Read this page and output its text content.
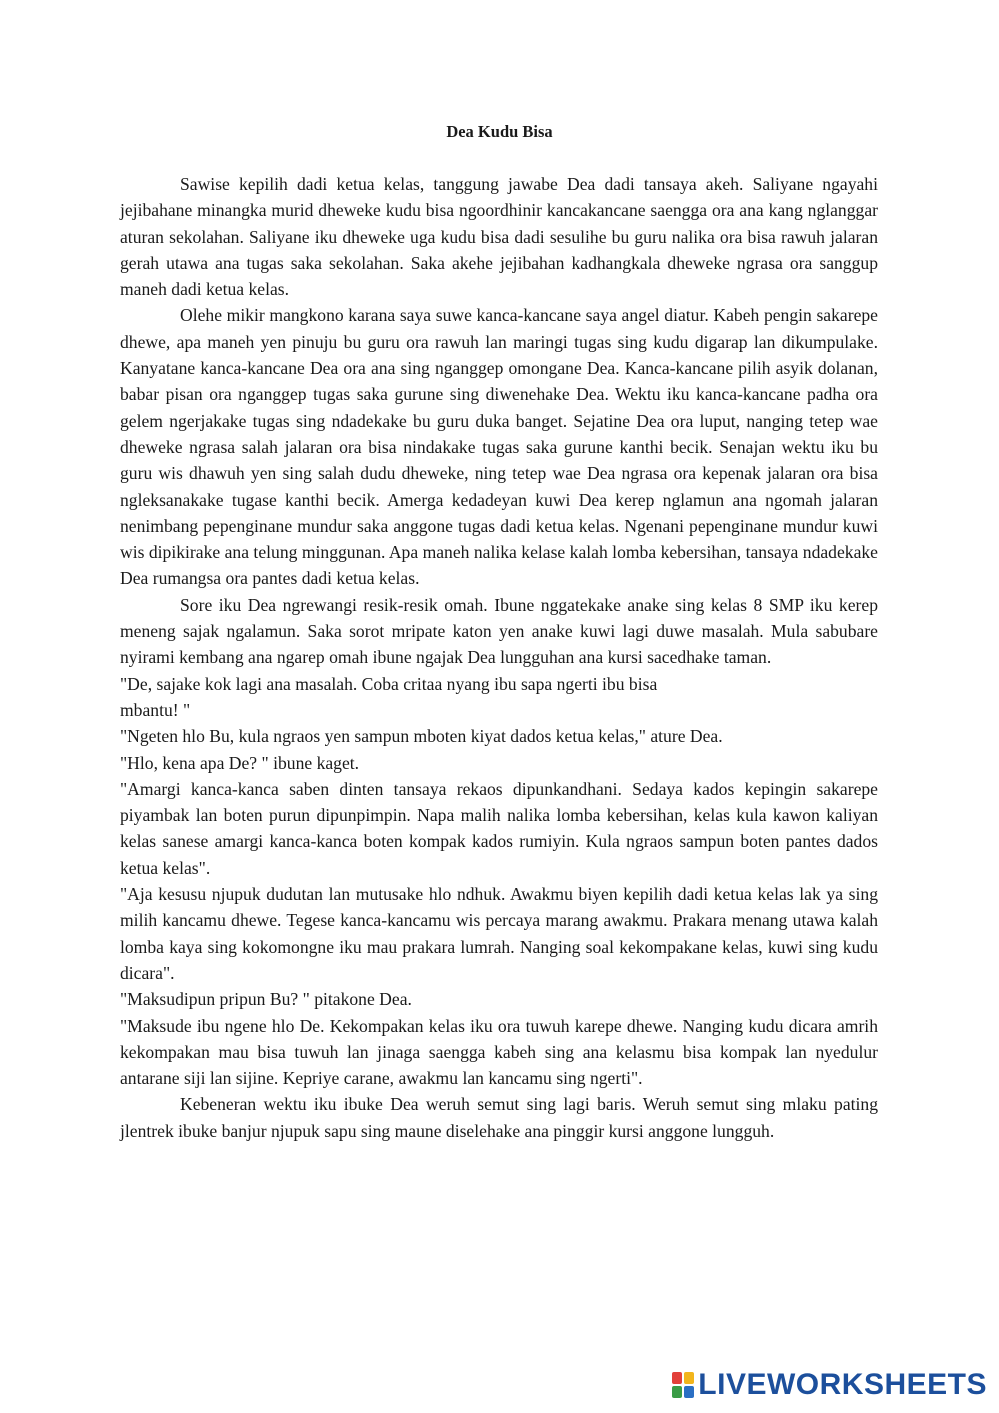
Dea Kudu Bisa

Sawise kepilih dadi ketua kelas, tanggung jawabe Dea dadi tansaya akeh. Saliyane ngayahi jejibahane minangka murid dheweke kudu bisa ngoordhinir kancakancane saengga ora ana kang nglanggar aturan sekolahan. Saliyane iku dheweke uga kudu bisa dadi sesulihe bu guru nalika ora bisa rawuh jalaran gerah utawa ana tugas saka sekolahan. Saka akehe jejibahan kadhangkala dheweke ngrasa ora sanggup maneh dadi ketua kelas.

Olehe mikir mangkono karana saya suwe kanca-kancane saya angel diatur. Kabeh pengin sakarepe dhewe, apa maneh yen pinuju bu guru ora rawuh lan maringi tugas sing kudu digarap lan dikumpulake. Kanyatane kanca-kancane Dea ora ana sing nganggep omongane Dea. Kanca-kancane pilih asyik dolanan, babar pisan ora nganggep tugas saka gurune sing diwenehake Dea. Wektu iku kanca-kancane padha ora gelem ngerjakake tugas sing ndadekake bu guru duka banget. Sejatine Dea ora luput, nanging tetep wae dheweke ngrasa salah jalaran ora bisa nindakake tugas saka gurune kanthi becik. Senajan wektu iku bu guru wis dhawuh yen sing salah dudu dheweke, ning tetep wae Dea ngrasa ora kepenak jalaran ora bisa ngleksanakake tugase kanthi becik. Amerga kedadeyan kuwi Dea kerep nglamun ana ngomah jalaran nenimbang pepenginane mundur saka anggone tugas dadi ketua kelas. Ngenani pepenginane mundur kuwi wis dipikirake ana telung minggunan. Apa maneh nalika kelase kalah lomba kebersihan, tansaya ndadekake Dea rumangsa ora pantes dadi ketua kelas.

Sore iku Dea ngrewangi resik-resik omah. Ibune nggatekake anake sing kelas 8 SMP iku kerep meneng sajak ngalamun. Saka sorot mripate katon yen anake kuwi lagi duwe masalah. Mula sabubare nyirami kembang ana ngarep omah ibune ngajak Dea lungguhan ana kursi sacedhake taman.

"De, sajake kok lagi ana masalah. Coba critaa nyang ibu sapa ngerti ibu bisa

mbantu! "

"Ngeten hlo Bu, kula ngraos yen sampun mboten kiyat dados ketua kelas," ature Dea.

"Hlo, kena apa De? " ibune kaget.

"Amargi kanca-kanca saben dinten tansaya rekaos dipunkandhani. Sedaya kados kepingin sakarepe piyambak lan boten purun dipunpimpin. Napa malih nalika lomba kebersihan, kelas kula kawon kaliyan kelas sanese amargi kanca-kanca boten kompak kados rumiyin. Kula ngraos sampun boten pantes dados ketua kelas".

"Aja kesusu njupuk dudutan lan mutusake hlo ndhuk. Awakmu biyen kepilih dadi ketua kelas lak ya sing milih kancamu dhewe. Tegese kanca-kancamu wis percaya marang awakmu. Prakara menang utawa kalah lomba kaya sing kokomongne iku mau prakara lumrah. Nanging soal kekompakane kelas, kuwi sing kudu dicara".

"Maksudipun pripun Bu? " pitakone Dea.

"Maksude ibu ngene hlo De. Kekompakan kelas iku ora tuwuh karepe dhewe. Nanging kudu dicara amrih kekompakan mau bisa tuwuh lan jinaga saengga kabeh sing ana kelasmu bisa kompak lan nyedulur antarane siji lan sijine. Kepriye carane, awakmu lan kancamu sing ngerti".

Kebeneran wektu iku ibuke Dea weruh semut sing lagi baris. Weruh semut sing mlaku pating jlentrek ibuke banjur njupuk sapu sing maune diselehake ana pinggir kursi anggone lungguh.

LIVEWORKSHEETS
